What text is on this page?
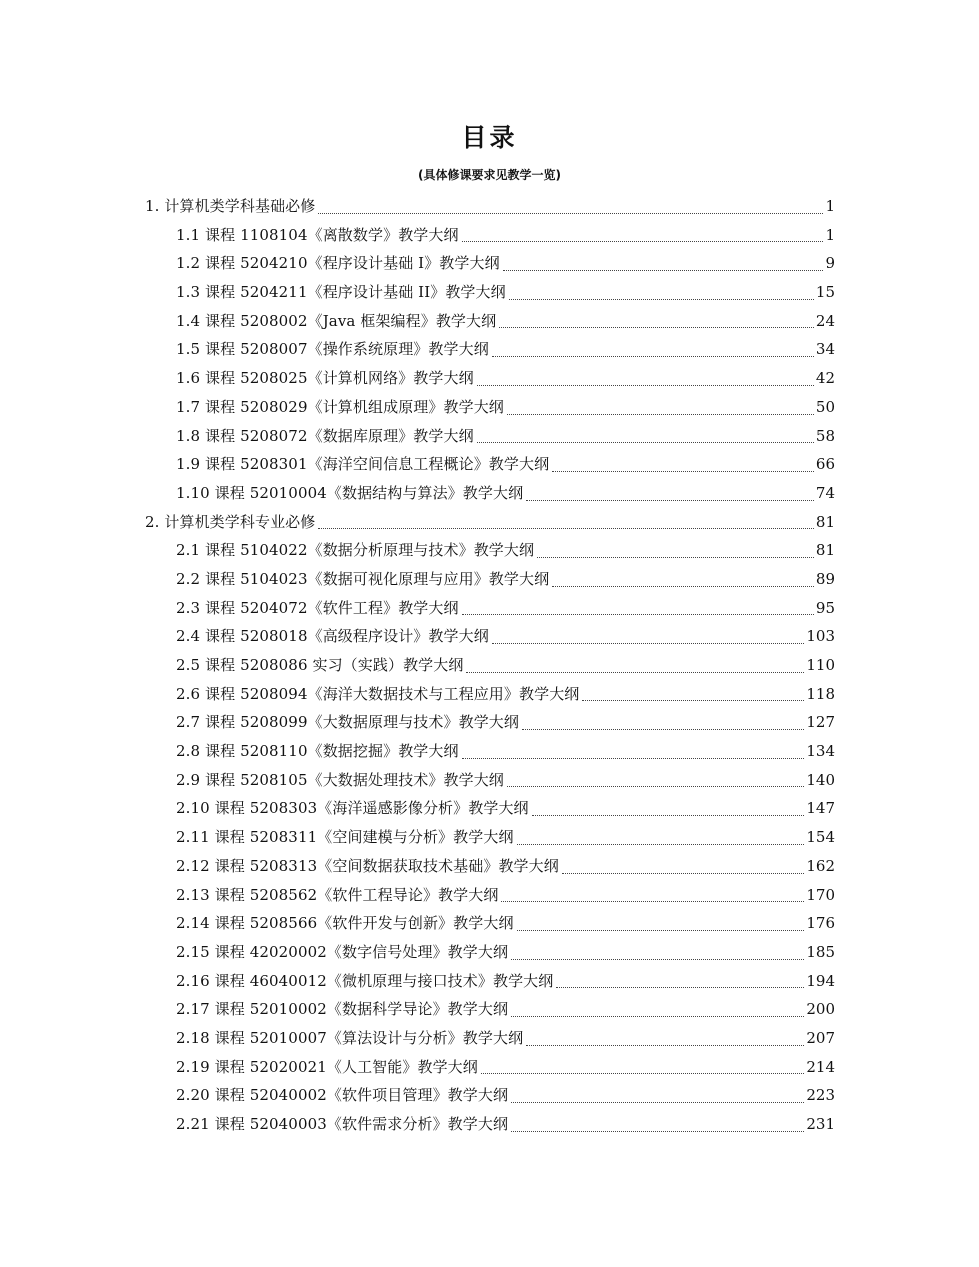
目录

(具体修课要求见教学一览)

1. 计算机类学科基础必修	1
1.1 课程 1108104《离散数学》教学大纲	1
1.2 课程 5204210《程序设计基础 I》教学大纲	9
1.3 课程 5204211《程序设计基础 II》教学大纲	15
1.4 课程 5208002《Java 框架编程》教学大纲	24
1.5 课程 5208007《操作系统原理》教学大纲	34
1.6 课程 5208025《计算机网络》教学大纲	42
1.7 课程 5208029《计算机组成原理》教学大纲	50
1.8 课程 5208072《数据库原理》教学大纲	58
1.9 课程 5208301《海洋空间信息工程概论》教学大纲	66
1.10 课程 52010004《数据结构与算法》教学大纲	74
2. 计算机类学科专业必修	81
2.1 课程 5104022《数据分析原理与技术》教学大纲	81
2.2 课程 5104023《数据可视化原理与应用》教学大纲	89
2.3 课程 5204072《软件工程》教学大纲	95
2.4 课程 5208018《高级程序设计》教学大纲	103
2.5 课程 5208086 实习（实践）教学大纲	110
2.6 课程 5208094《海洋大数据技术与工程应用》教学大纲	118
2.7 课程 5208099《大数据原理与技术》教学大纲	127
2.8 课程 5208110《数据挖掘》教学大纲	134
2.9 课程 5208105《大数据处理技术》教学大纲	140
2.10 课程 5208303《海洋遥感影像分析》教学大纲	147
2.11 课程 5208311《空间建模与分析》教学大纲	154
2.12 课程 5208313《空间数据获取技术基础》教学大纲	162
2.13 课程 5208562《软件工程导论》教学大纲	170
2.14 课程 5208566《软件开发与创新》教学大纲	176
2.15 课程 42020002《数字信号处理》教学大纲	185
2.16 课程 46040012《微机原理与接口技术》教学大纲	194
2.17 课程 52010002《数据科学导论》教学大纲	200
2.18 课程 52010007《算法设计与分析》教学大纲	207
2.19 课程 52020021《人工智能》教学大纲	214
2.20 课程 52040002《软件项目管理》教学大纲	223
2.21 课程 52040003《软件需求分析》教学大纲	231
